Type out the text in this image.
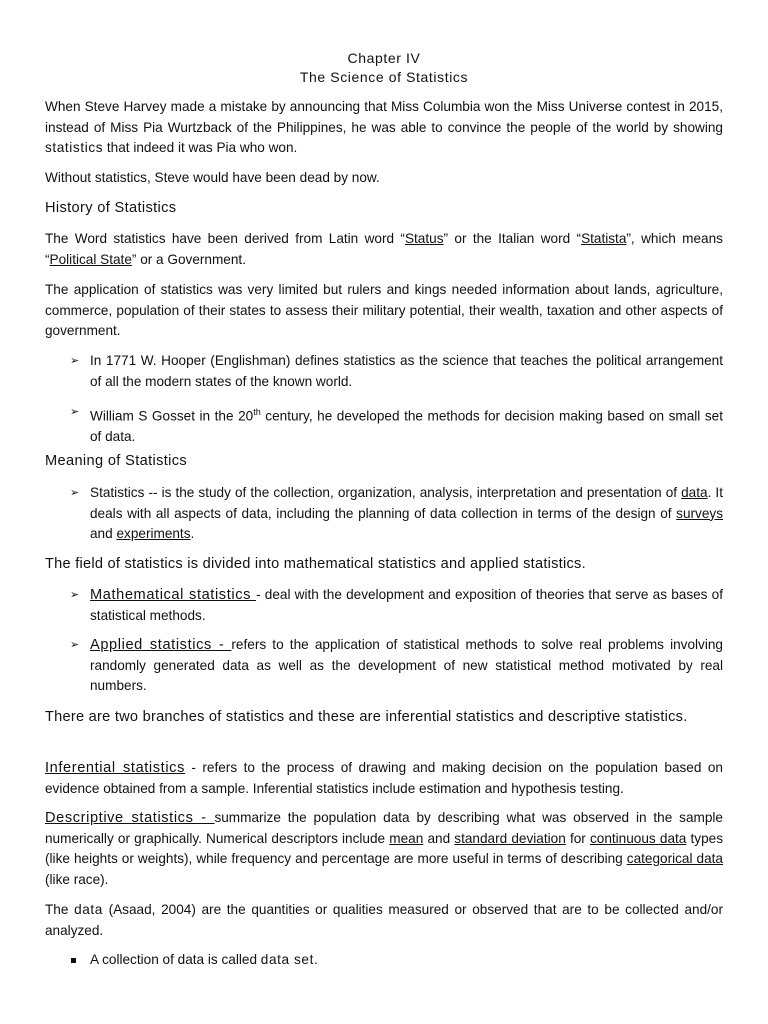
Chapter IV
The Science of Statistics
When Steve Harvey made a mistake by announcing that Miss Columbia won the Miss Universe contest in 2015, instead of Miss Pia Wurtzback of the Philippines, he was able to convince the people of the world by showing statistics that indeed it was Pia who won.
Without statistics, Steve would have been dead by now.
History of Statistics
The Word statistics have been derived from Latin word “Status” or the Italian word “Statista”, which means “Political State” or a Government.
The application of statistics was very limited but rulers and kings needed information about lands, agriculture, commerce, population of their states to assess their military potential, their wealth, taxation and other aspects of government.
➢ In 1771 W. Hooper (Englishman) defines statistics as the science that teaches the political arrangement of all the modern states of the known world.
➢ William S Gosset in the 20th century, he developed the methods for decision making based on small set of data.
Meaning of Statistics
➢ Statistics -- is the study of the collection, organization, analysis, interpretation and presentation of data. It deals with all aspects of data, including the planning of data collection in terms of the design of surveys and experiments.
The field of statistics is divided into mathematical statistics and applied statistics.
➢ Mathematical statistics - deal with the development and exposition of theories that serve as bases of statistical methods.
➢ Applied statistics - refers to the application of statistical methods to solve real problems involving randomly generated data as well as the development of new statistical method motivated by real numbers.
There are two branches of statistics and these are inferential statistics and descriptive statistics.
Inferential statistics - refers to the process of drawing and making decision on the population based on evidence obtained from a sample. Inferential statistics include estimation and hypothesis testing.
Descriptive statistics - summarize the population data by describing what was observed in the sample numerically or graphically. Numerical descriptors include mean and standard deviation for continuous data types (like heights or weights), while frequency and percentage are more useful in terms of describing categorical data (like race).
The data (Asaad, 2004) are the quantities or qualities measured or observed that are to be collected and/or analyzed.
A collection of data is called data set.
